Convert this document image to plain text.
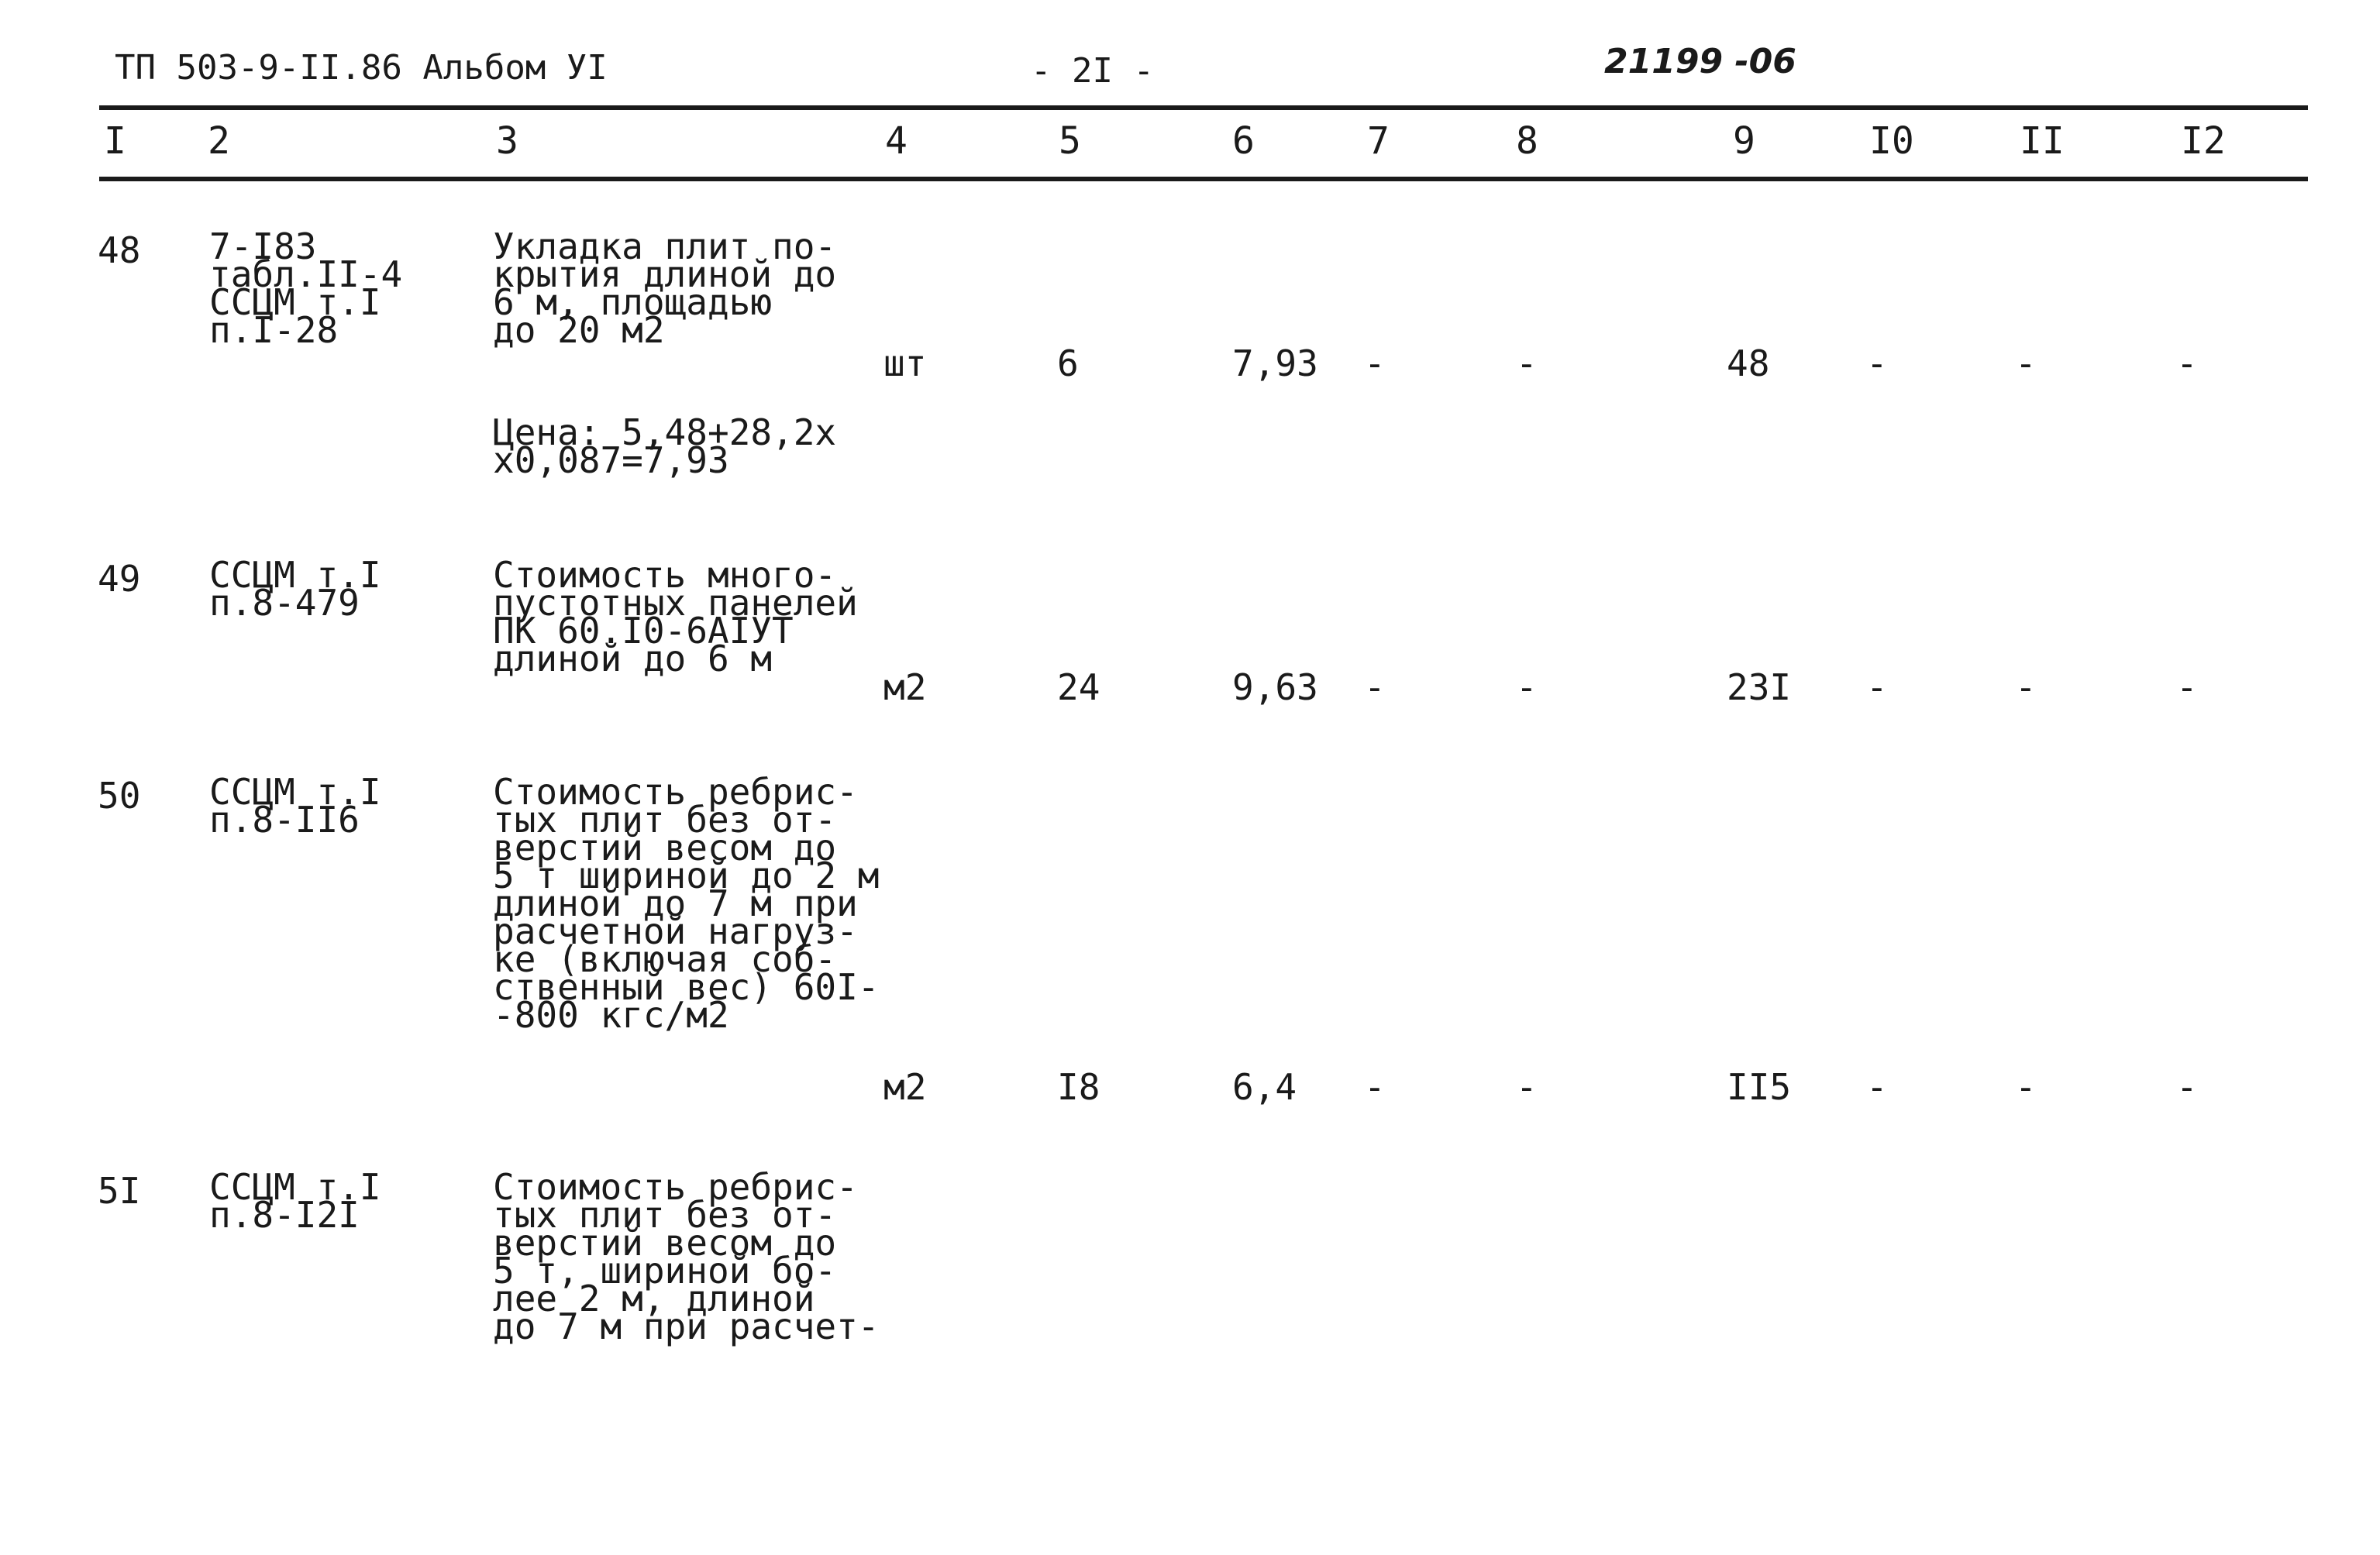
ТП 503-9-II.86 Альбом УI	- 2I -	21199 -06
I 2	3	4	5	6	7	8	9	I0	II	I2
48 7-I83
табл.II-4
ССЦМ т.I
п.I-28
Укладка плит по-
крытия длиной до
6 м, площадью
до 20 м2
Цена: 5,48+28,2х
х0,087=7,93
шт	6	7,93 -	-	48	-	-	-
49 ССЦМ т.I
п.8-479
Стоимость много-
пустотных панелей
ПК 60.I0-6АIУТ
длиной до 6 м
м2	24	9,63 -	-	23I -	-	-
50 ССЦМ т.I
п.8-II6
Стоимость ребрис-
тых плит без от-
верстий весом до
5 т шириной до 2 м
длиной до 7 м при
расчетной нагруз-
ке (включая соб-
ственный вес) 60I-
-800 кгс/м2
м2	I8	6,4 -	-	II5 -	-	-
5I ССЦМ т.I
п.8-I2I
Стоимость ребрис-
тых плит без от-
верстий весом до
5 т, шириной бо-
лее 2 м, длиной
до 7 м при расчет-
